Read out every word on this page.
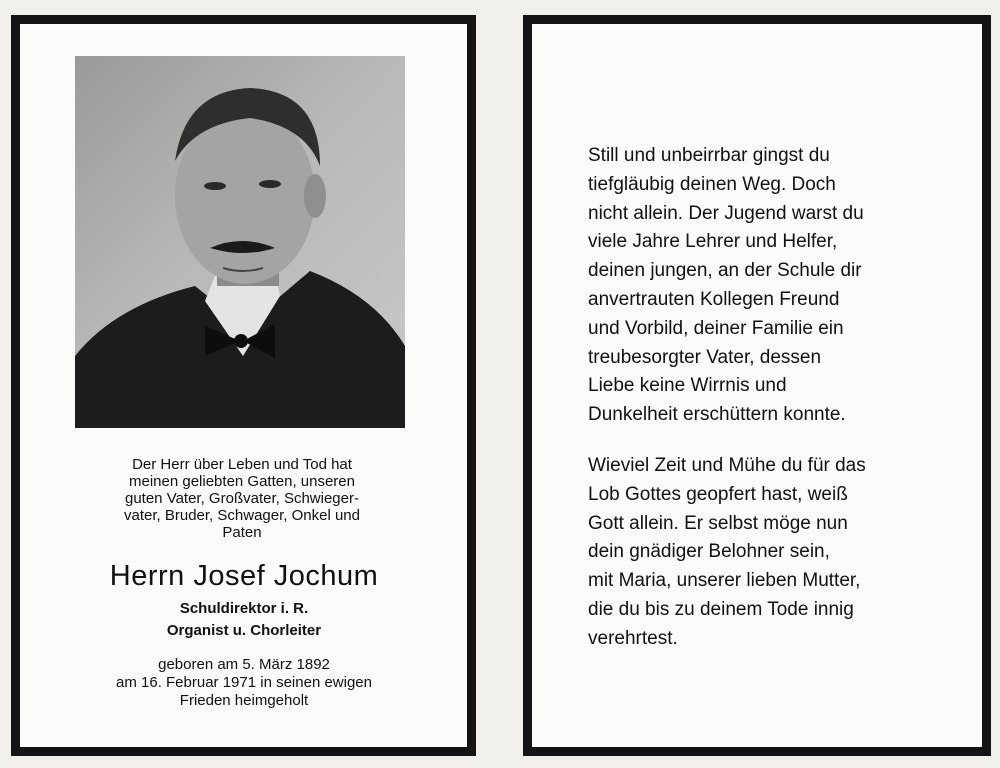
Der Herr über Leben und Tod hat
meinen geliebten Gatten, unseren
guten Vater, Großvater, Schwieger-
vater, Bruder, Schwager, Onkel und
Paten
Herrn Josef Jochum
Schuldirektor i. R.
Organist u. Chorleiter
geboren am 5. März 1892
am 16. Februar 1971 in seinen ewigen
Frieden heimgeholt
Still und unbeirrbar gingst du
tiefgläubig deinen Weg. Doch
nicht allein. Der Jugend warst du
viele Jahre Lehrer und Helfer,
deinen jungen, an der Schule dir
anvertrauten Kollegen Freund
und Vorbild, deiner Familie ein
treubesorgter Vater, dessen
Liebe keine Wirrnis und
Dunkelheit erschüttern konnte.
Wieviel Zeit und Mühe du für das
Lob Gottes geopfert hast, weiß
Gott allein. Er selbst möge nun
dein gnädiger Belohner sein,
mit Maria, unserer lieben Mutter,
die du bis zu deinem Tode innig
verehrtest.
